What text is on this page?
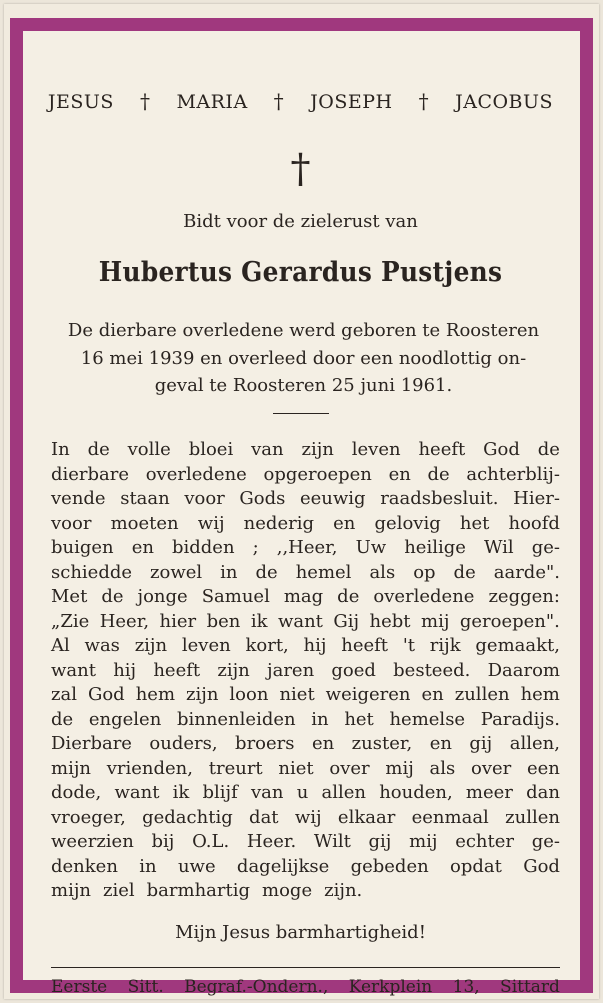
JESUS † MARIA † JOSEPH † JACOBUS
†
Bidt voor de zielerust van
Hubertus Gerardus Pustjens
De dierbare overledene werd geboren te Roosteren
16 mei 1939 en overleed door een noodlottig on-
geval te Roosteren 25 juni 1961.
In de volle bloei van zijn leven heeft God de
dierbare overledene opgeroepen en de achterblij-
vende staan voor Gods eeuwig raadsbesluit. Hier-
voor moeten wij nederig en gelovig het hoofd
buigen en bidden ; ,,Heer, Uw heilige Wil ge-
schiedde zowel in de hemel als op de aarde".
Met de jonge Samuel mag de overledene zeggen:
„Zie Heer, hier ben ik want Gij hebt mij geroepen".
Al was zijn leven kort, hij heeft 't rijk gemaakt,
want hij heeft zijn jaren goed besteed. Daarom
zal God hem zijn loon niet weigeren en zullen hem
de engelen binnenleiden in het hemelse Paradijs.
Dierbare ouders, broers en zuster, en gij allen,
mijn vrienden, treurt niet over mij als over een
dode, want ik blijf van u allen houden, meer dan
vroeger, gedachtig dat wij elkaar eenmaal zullen
weerzien bij O.L. Heer. Wilt gij mij echter ge-
denken in uwe dagelijkse gebeden opdat God
mijn ziel barmhartig moge zijn.
Mijn Jesus barmhartigheid!
Eerste Sitt. Begraf.-Ondern., Kerkplein 13, Sittard
